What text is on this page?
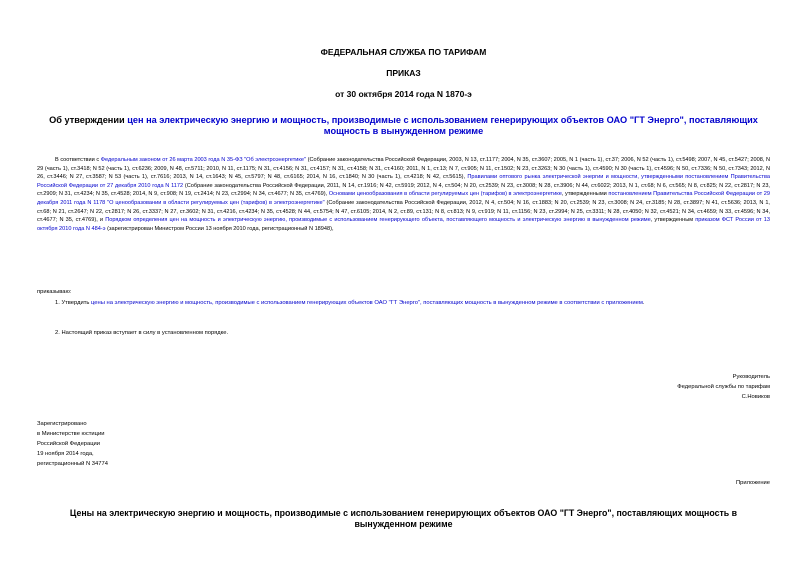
ФЕДЕРАЛЬНАЯ СЛУЖБА ПО ТАРИФАМ
ПРИКАЗ
от 30 октября 2014 года N 1870-э
Об утверждении цен на электрическую энергию и мощность, производимые с использованием генерирующих объектов ОАО "ГТ Энерго", поставляющих мощность в вынужденном режиме
В соответствии с Федеральным законом от 26 марта 2003 года N 35-ФЗ "Об электроэнергетике" (Собрание законодательства Российской Федерации, 2003, N 13, ст.1177; 2004, N 35, ст.3607; 2005, N 1 (часть 1), ст.37; 2006, N 52 (часть 1), ст.5498; 2007, N 45, ст.5427; 2008, N 29 (часть 1), ст.3418; N 52 (часть 1), ст.6236; 2009, N 48, ст.5711; 2010, N 11, ст.1175; N 31, ст.4156; N 31, ст.4157; N 31, ст.4158; N 31, ст.4160; 2011, N 1, ст.13; N 7, ст.905; N 11, ст.1502; N 23, ст.3263; N 30 (часть 1), ст.4590; N 30 (часть 1), ст.4596; N 50, ст.7336; N 50, ст.7343; 2012, N 26, ст.3446; N 27, ст.3587; N 53 (часть 1), ст.7616; 2013, N 14, ст.1643; N 45, ст.5797; N 48, ст.6165; 2014, N 16, ст.1840; N 30 (часть 1), ст.4218; N 42, ст.5615), Правилами оптового рынка электрической энергии и мощности, утвержденными постановлением Правительства Российской Федерации от 27 декабря 2010 года N 1172 (Собрание законодательства Российской Федерации, 2011, N 14, ст.1916; N 42, ст.5919; 2012, N 4, ст.504; N 20, ст.2539; N 23, ст.3008; N 28, ст.3906; N 44, ст.6022; 2013, N 1, ст.68; N 6, ст.565; N 8, ст.825; N 22, ст.2817; N 23, ст.2909; N 31, ст.4234; N 35, ст.4528; 2014, N 9, ст.908; N 19, ст.2414; N 23, ст.2994; N 34, ст.4677; N 35, ст.4769), Основами ценообразования в области регулируемых цен (тарифов) в электроэнергетике, утвержденными постановлением Правительства Российской Федерации от 29 декабря 2011 года N 1178 "О ценообразовании в области регулируемых цен (тарифов) в электроэнергетике" (Собрание законодательства Российской Федерации, 2012, N 4, ст.504; N 16, ст.1883; N 20, ст.2539; N 23, ст.3008; N 24, ст.3185; N 28, ст.3897; N 41, ст.5636; 2013, N 1, ст.68; N 21, ст.2647; N 22, ст.2817; N 26, ст.3337; N 27, ст.3602; N 31, ст.4216, ст.4234; N 35, ст.4528; N 44, ст.5754; N 47, ст.6105; 2014, N 2, ст.89, ст.131; N 8, ст.813; N 9, ст.919; N 11, ст.1156; N 23, ст.2994; N 25, ст.3311; N 28, ст.4050; N 32, ст.4521; N 34, ст.4659; N 33, ст.4596; N 34, ст.4677; N 35, ст.4769), и Порядком определения цен на мощность и электрическую энергию, производимые с использованием генерирующего объекта, поставляющего мощность и электрическую энергию в вынужденном режиме, утвержденным приказом ФСТ России от 13 октября 2010 года N 484-э (зарегистрирован Министром России 13 ноября 2010 года, регистрационный N 18948),
приказываю:
1. Утвердить цены на электрическую энергию и мощность, производимые с использованием генерирующих объектов ОАО "ГТ Энерго", поставляющих мощность в вынужденном режиме в соответствии с приложением.
2. Настоящий приказ вступает в силу в установленном порядке.
Руководитель
Федеральной службы по тарифам
С.Новиков
Зарегистрировано
в Министерстве юстиции
Российской Федерации
19 ноября 2014 года,
регистрационный N 34774
Приложение
Цены на электрическую энергию и мощность, производимые с использованием генерирующих объектов ОАО "ГТ Энерго", поставляющих мощность в вынужденном режиме
